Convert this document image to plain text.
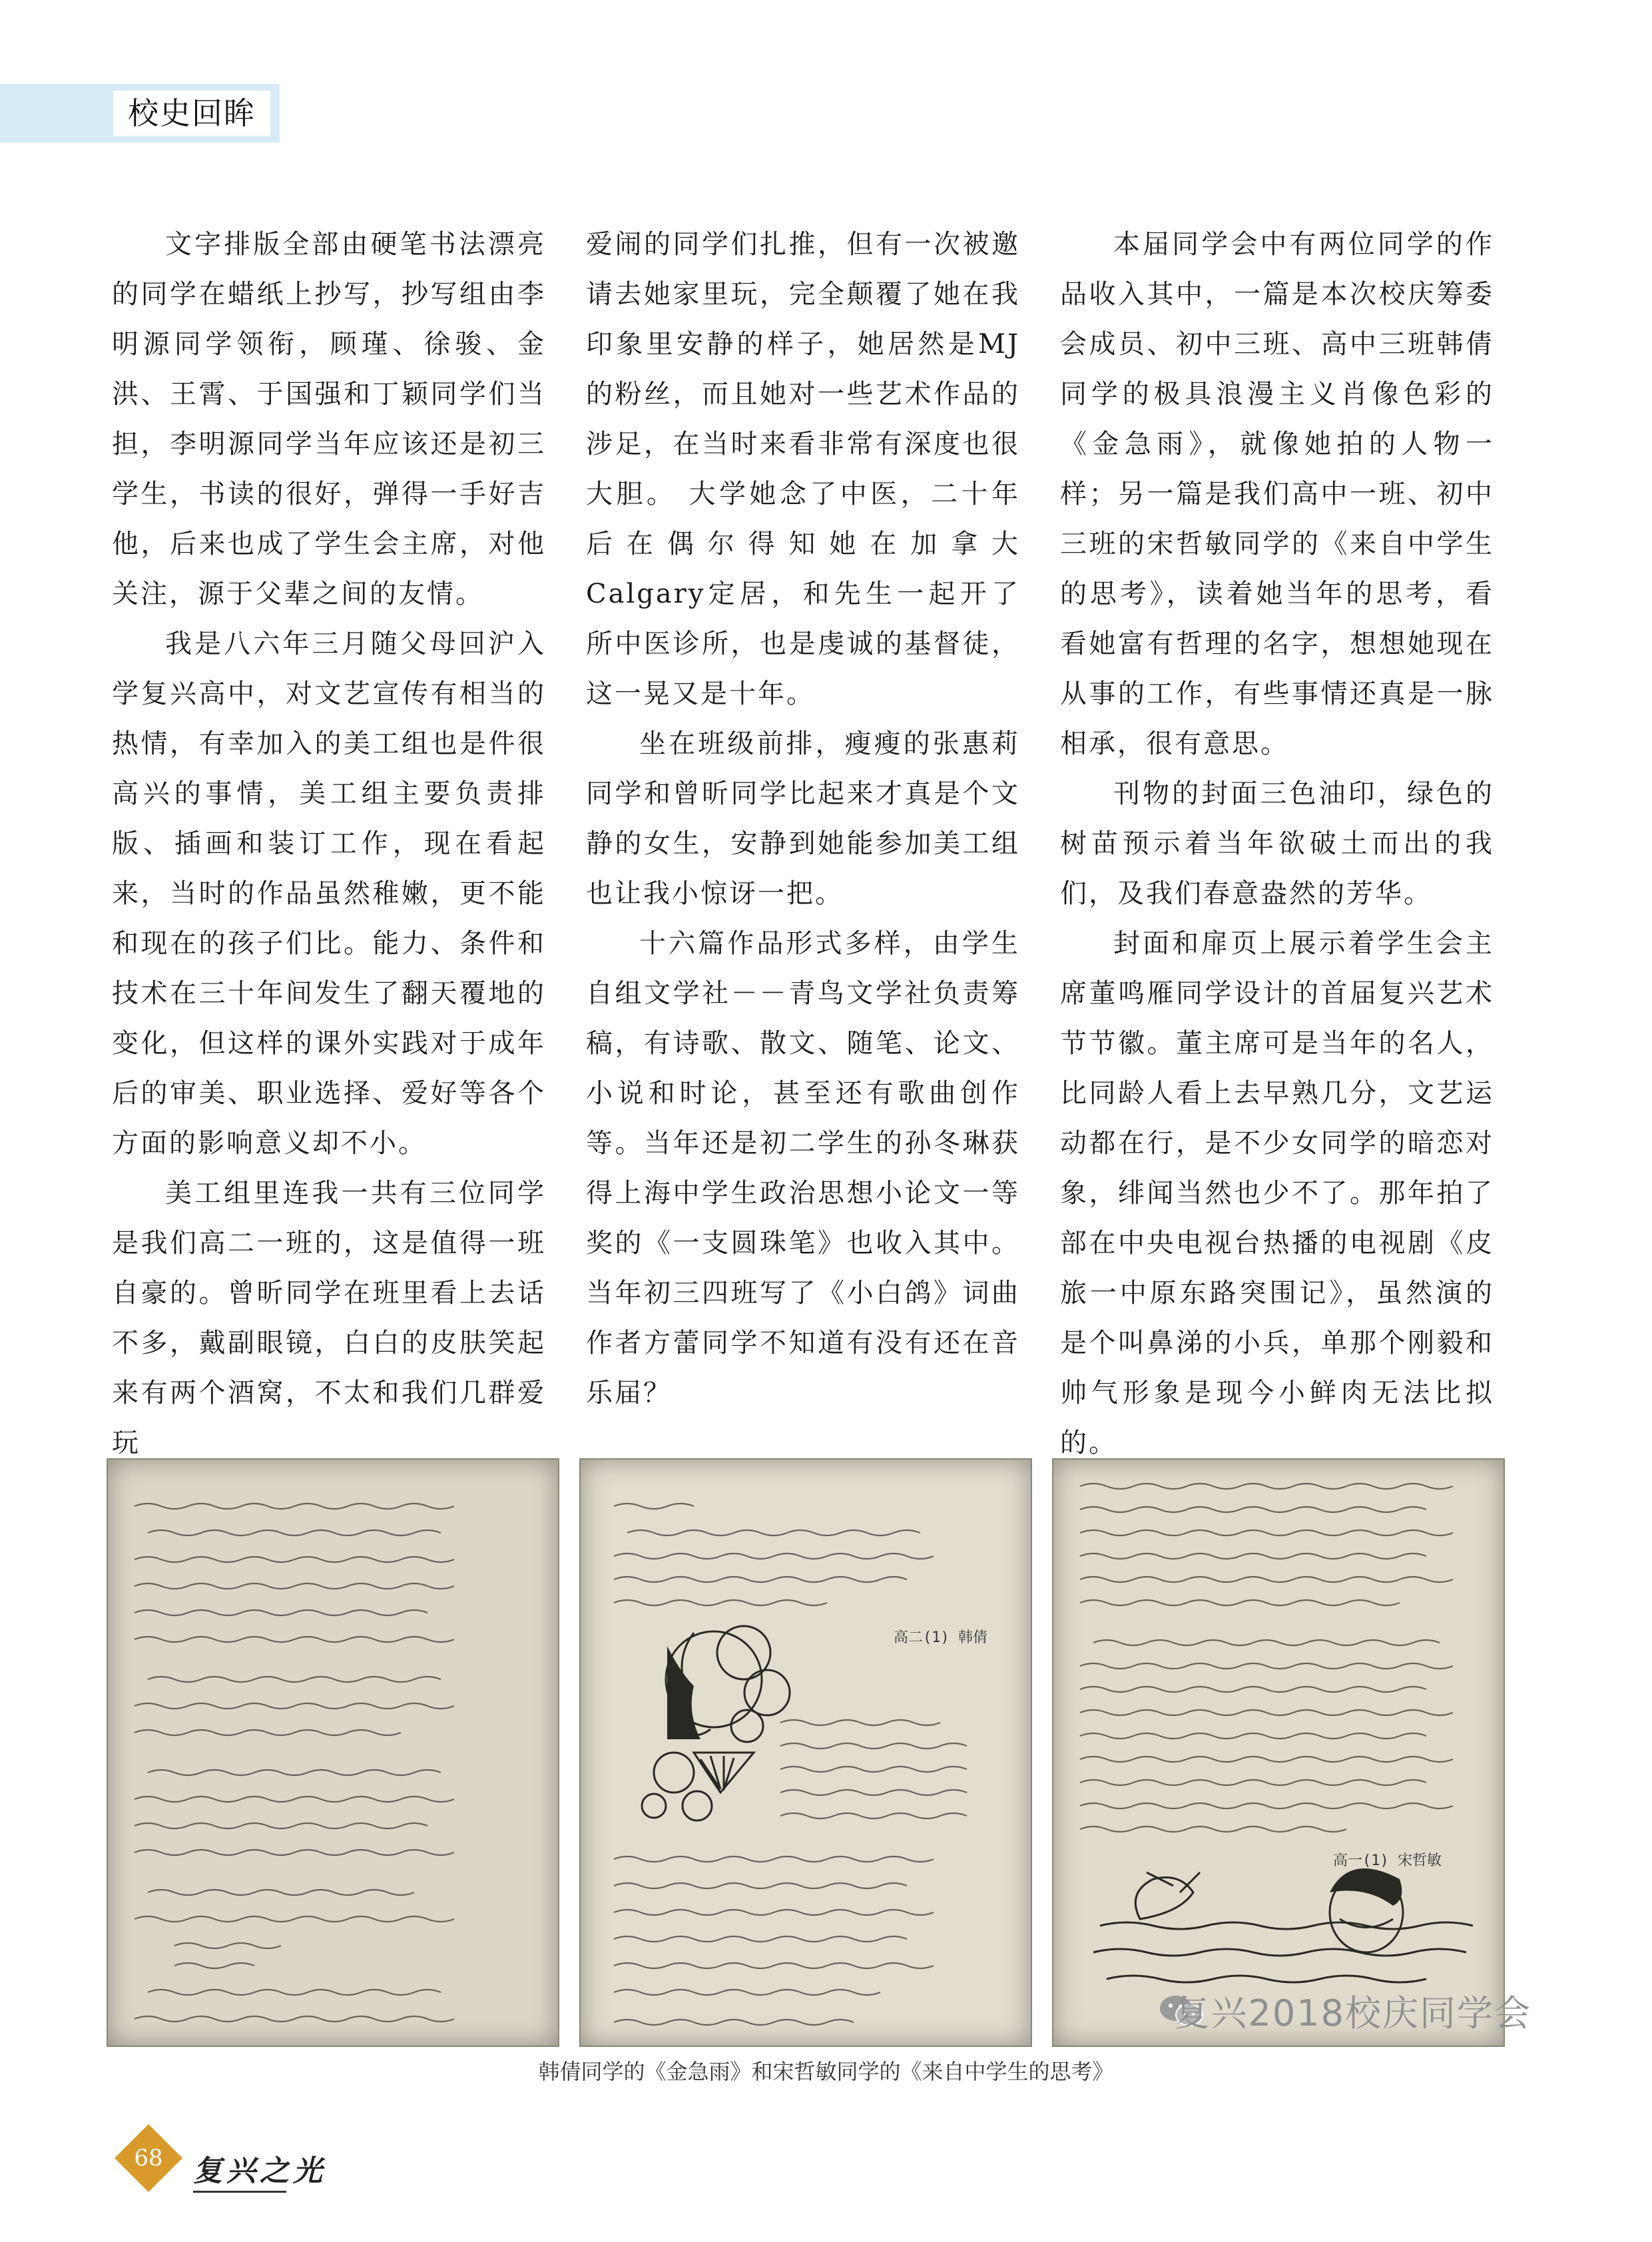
校史回眸

文字排版全部由硬笔书法漂亮的同学在蜡纸上抄写，抄写组由李明源同学领衔，顾瑾、徐骏、金洪、王霄、于国强和丁颖同学们当担，李明源同学当年应该还是初三学生，书读的很好，弹得一手好吉他，后来也成了学生会主席，对他关注，源于父辈之间的友情。

我是八六年三月随父母回沪入学复兴高中，对文艺宣传有相当的热情，有幸加入的美工组也是件很高兴的事情，美工组主要负责排版、插画和装订工作，现在看起来，当时的作品虽然稚嫩，更不能和现在的孩子们比。能力、条件和技术在三十年间发生了翻天覆地的变化，但这样的课外实践对于成年后的审美、职业选择、爱好等各个方面的影响意义却不小。

美工组里连我一共有三位同学是我们高二一班的，这是值得一班自豪的。曾昕同学在班里看上去话不多，戴副眼镜，白白的皮肤笑起来有两个酒窝，不太和我们几群爱玩

爱闹的同学们扎推，但有一次被邀请去她家里玩，完全颠覆了她在我印象里安静的样子，她居然是MJ的粉丝，而且她对一些艺术作品的涉足，在当时来看非常有深度也很大胆。 大学她念了中医，二十年后在偶尔得知她在加拿大Calgary定居，和先生一起开了所中医诊所，也是虔诚的基督徒， 这一晃又是十年。

坐在班级前排，瘦瘦的张惠莉同学和曾昕同学比起来才真是个文静的女生，安静到她能参加美工组也让我小惊讶一把。

十六篇作品形式多样，由学生自组文学社－－青鸟文学社负责筹稿，有诗歌、散文、随笔、论文、小说和时论，甚至还有歌曲创作等。当年还是初二学生的孙冬琳获得上海中学生政治思想小论文一等奖的《一支圆珠笔》也收入其中。当年初三四班写了《小白鸽》词曲作者方蕾同学不知道有没有还在音乐届？

本届同学会中有两位同学的作品收入其中，一篇是本次校庆筹委会成员、初中三班、高中三班韩倩同学的极具浪漫主义肖像色彩的《金急雨》，就像她拍的人物一样；另一篇是我们高中一班、初中三班的宋哲敏同学的《来自中学生的思考》，读着她当年的思考，看看她富有哲理的名字，想想她现在从事的工作，有些事情还真是一脉相承，很有意思。

刊物的封面三色油印，绿色的树苗预示着当年欲破土而出的我们，及我们春意盎然的芳华。

封面和扉页上展示着学生会主席董鸣雁同学设计的首届复兴艺术节节徽。董主席可是当年的名人，比同龄人看上去早熟几分，文艺运动都在行，是不少女同学的暗恋对象，绯闻当然也少不了。那年拍了部在中央电视台热播的电视剧《皮旅一中原东路突围记》，虽然演的是个叫鼻涕的小兵，单那个刚毅和帅气形象是现今小鲜肉无法比拟的。

高二(1) 韩倩
高一(1) 宋哲敏
复兴2018校庆同学会
韩倩同学的《金急雨》和宋哲敏同学的《来自中学生的思考》
68	复兴之光
